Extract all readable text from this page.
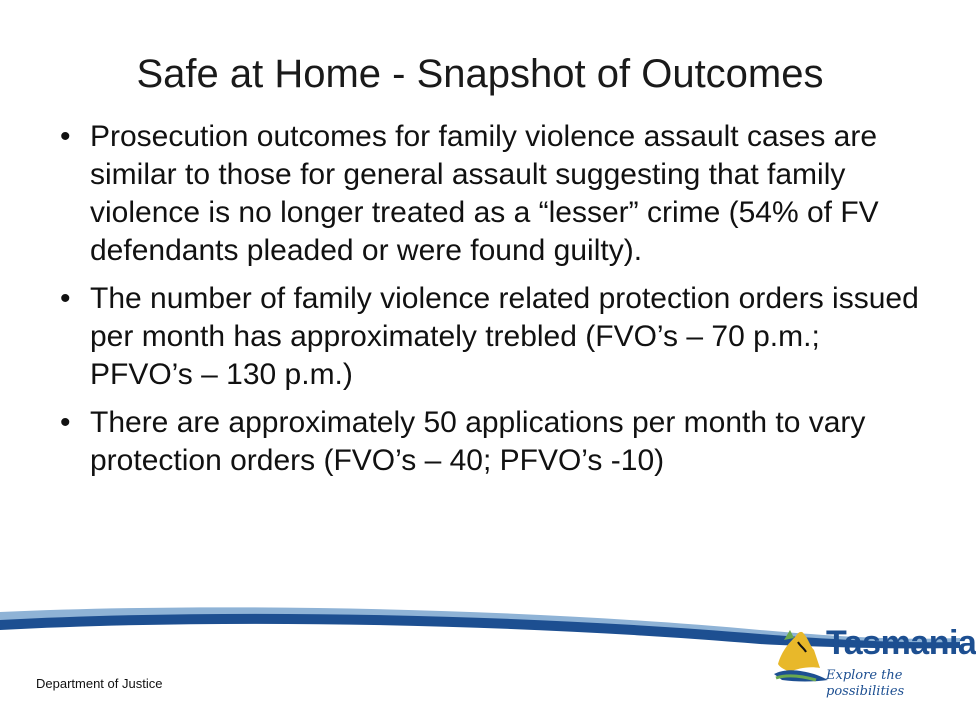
Safe at Home - Snapshot of Outcomes
• Prosecution outcomes for family violence assault cases are similar to those for general assault suggesting that family violence is no longer treated as a “lesser” crime (54% of FV defendants pleaded or were found guilty).
• The number of family violence related protection orders issued per month has approximately trebled (FVO’s – 70 p.m.; PFVO’s – 130 p.m.)
• There are approximately 50 applications per month to vary protection orders (FVO’s – 40; PFVO’s -10)
Department of Justice
Tasmania
Explore the possibilities
